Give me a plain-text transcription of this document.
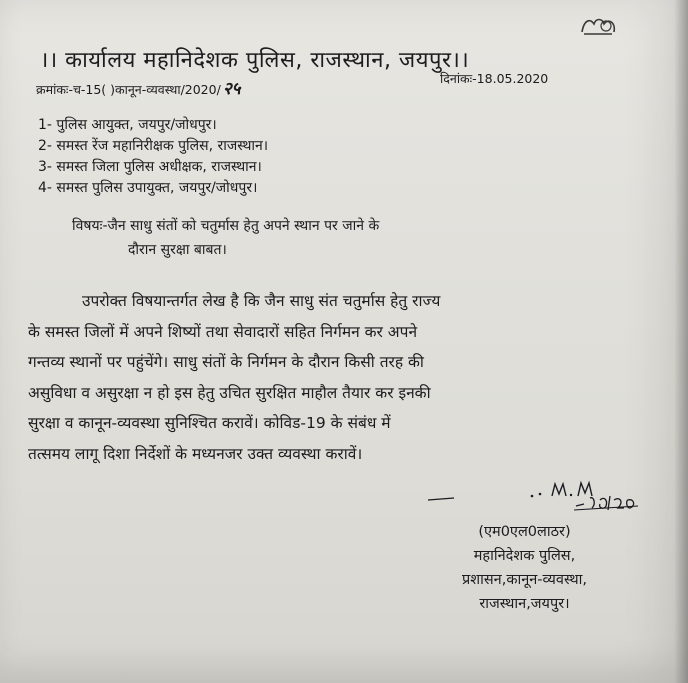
।। कार्यालय महानिदेशक पुलिस, राजस्थान, जयपुर।।
क्रमांकः-च-15( )कानून-व्यवस्था/2020/ २५
दिनांकः-18.05.2020
1- पुलिस आयुक्त, जयपुर/जोधपुर।
2- समस्त रेंज महानिरीक्षक पुलिस, राजस्थान।
3- समस्त जिला पुलिस अधीक्षक, राजस्थान।
4- समस्त पुलिस उपायुक्त, जयपुर/जोधपुर।
विषयः-जैन साधु संतों को चतुर्मास हेतु अपने स्थान पर जाने के
दौरान सुरक्षा बाबत।
उपरोक्त विषयान्तर्गत लेख है कि जैन साधु संत चतुर्मास हेतु राज्य
के समस्त जिलों में अपने शिष्यों तथा सेवादारों सहित निर्गमन कर अपने
गन्तव्य स्थानों पर पहुंचेंगे। साधु संतों के निर्गमन के दौरान किसी तरह की
असुविधा व असुरक्षा न हो इस हेतु उचित सुरक्षित माहौल तैयार कर इनकी
सुरक्षा व कानून-व्यवस्था सुनिश्चित करावें। कोविड-19 के संबंध में
तत्समय लागू दिशा निर्देशों के मध्यनजर उक्त व्यवस्था करावें।
(एम0एल0लाठर)
महानिदेशक पुलिस,
प्रशासन,कानून-व्यवस्था,
राजस्थान,जयपुर।
